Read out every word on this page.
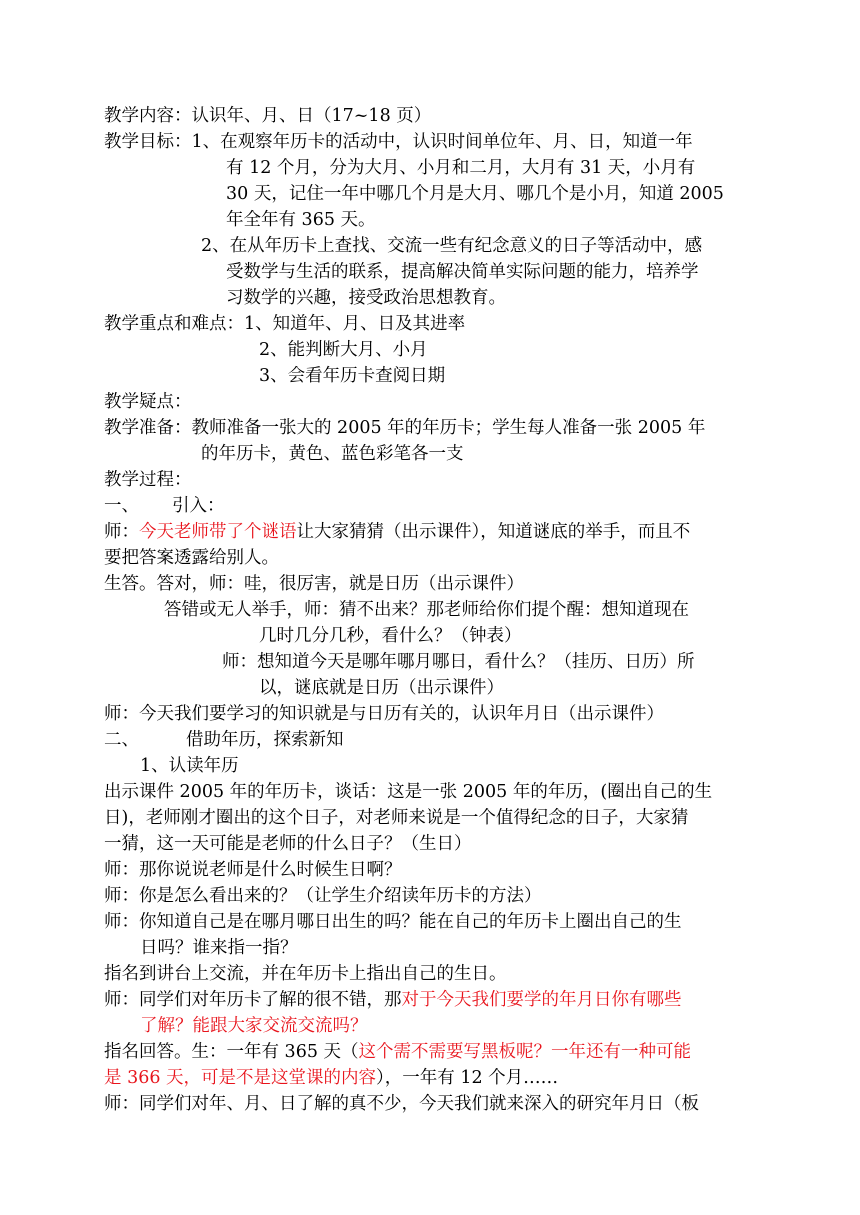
教学内容：认识年、月、日（17~18 页）
教学目标：1、在观察年历卡的活动中，认识时间单位年、月、日，知道一年
有 12 个月，分为大月、小月和二月，大月有 31 天，小月有
30 天，记住一年中哪几个月是大月、哪几个是小月，知道 2005
年全年有 365 天。
2、在从年历卡上查找、交流一些有纪念意义的日子等活动中，感
受数学与生活的联系，提高解决简单实际问题的能力，培养学
习数学的兴趣，接受政治思想教育。
教学重点和难点：1、知道年、月、日及其进率
2、能判断大月、小月
3、会看年历卡查阅日期
教学疑点：
教学准备：教师准备一张大的 2005 年的年历卡；学生每人准备一张 2005 年
的年历卡，黄色、蓝色彩笔各一支
教学过程：
一、 引入：
师：今天老师带了个谜语让大家猜猜（出示课件），知道谜底的举手，而且不
要把答案透露给别人。
生答。答对，师：哇，很厉害，就是日历（出示课件）
答错或无人举手，师：猜不出来？那老师给你们提个醒：想知道现在
几时几分几秒，看什么？（钟表）
师：想知道今天是哪年哪月哪日，看什么？（挂历、日历）所
以，谜底就是日历（出示课件）
师：今天我们要学习的知识就是与日历有关的，认识年月日（出示课件）
二、	借助年历，探索新知
1、认读年历
出示课件 2005 年的年历卡，谈话：这是一张 2005 年的年历，(圈出自己的生
日)，老师刚才圈出的这个日子，对老师来说是一个值得纪念的日子，大家猜
一猜，这一天可能是老师的什么日子？（生日）
师：那你说说老师是什么时候生日啊？
师：你是怎么看出来的？（让学生介绍读年历卡的方法）
师：你知道自己是在哪月哪日出生的吗？能在自己的年历卡上圈出自己的生
日吗？谁来指一指？
指名到讲台上交流，并在年历卡上指出自己的生日。
师：同学们对年历卡了解的很不错，那对于今天我们要学的年月日你有哪些
了解？能跟大家交流交流吗？
指名回答。生：一年有 365 天（这个需不需要写黑板呢？一年还有一种可能
是 366 天，可是不是这堂课的内容），一年有 12 个月……
师：同学们对年、月、日了解的真不少，今天我们就来深入的研究年月日（板
